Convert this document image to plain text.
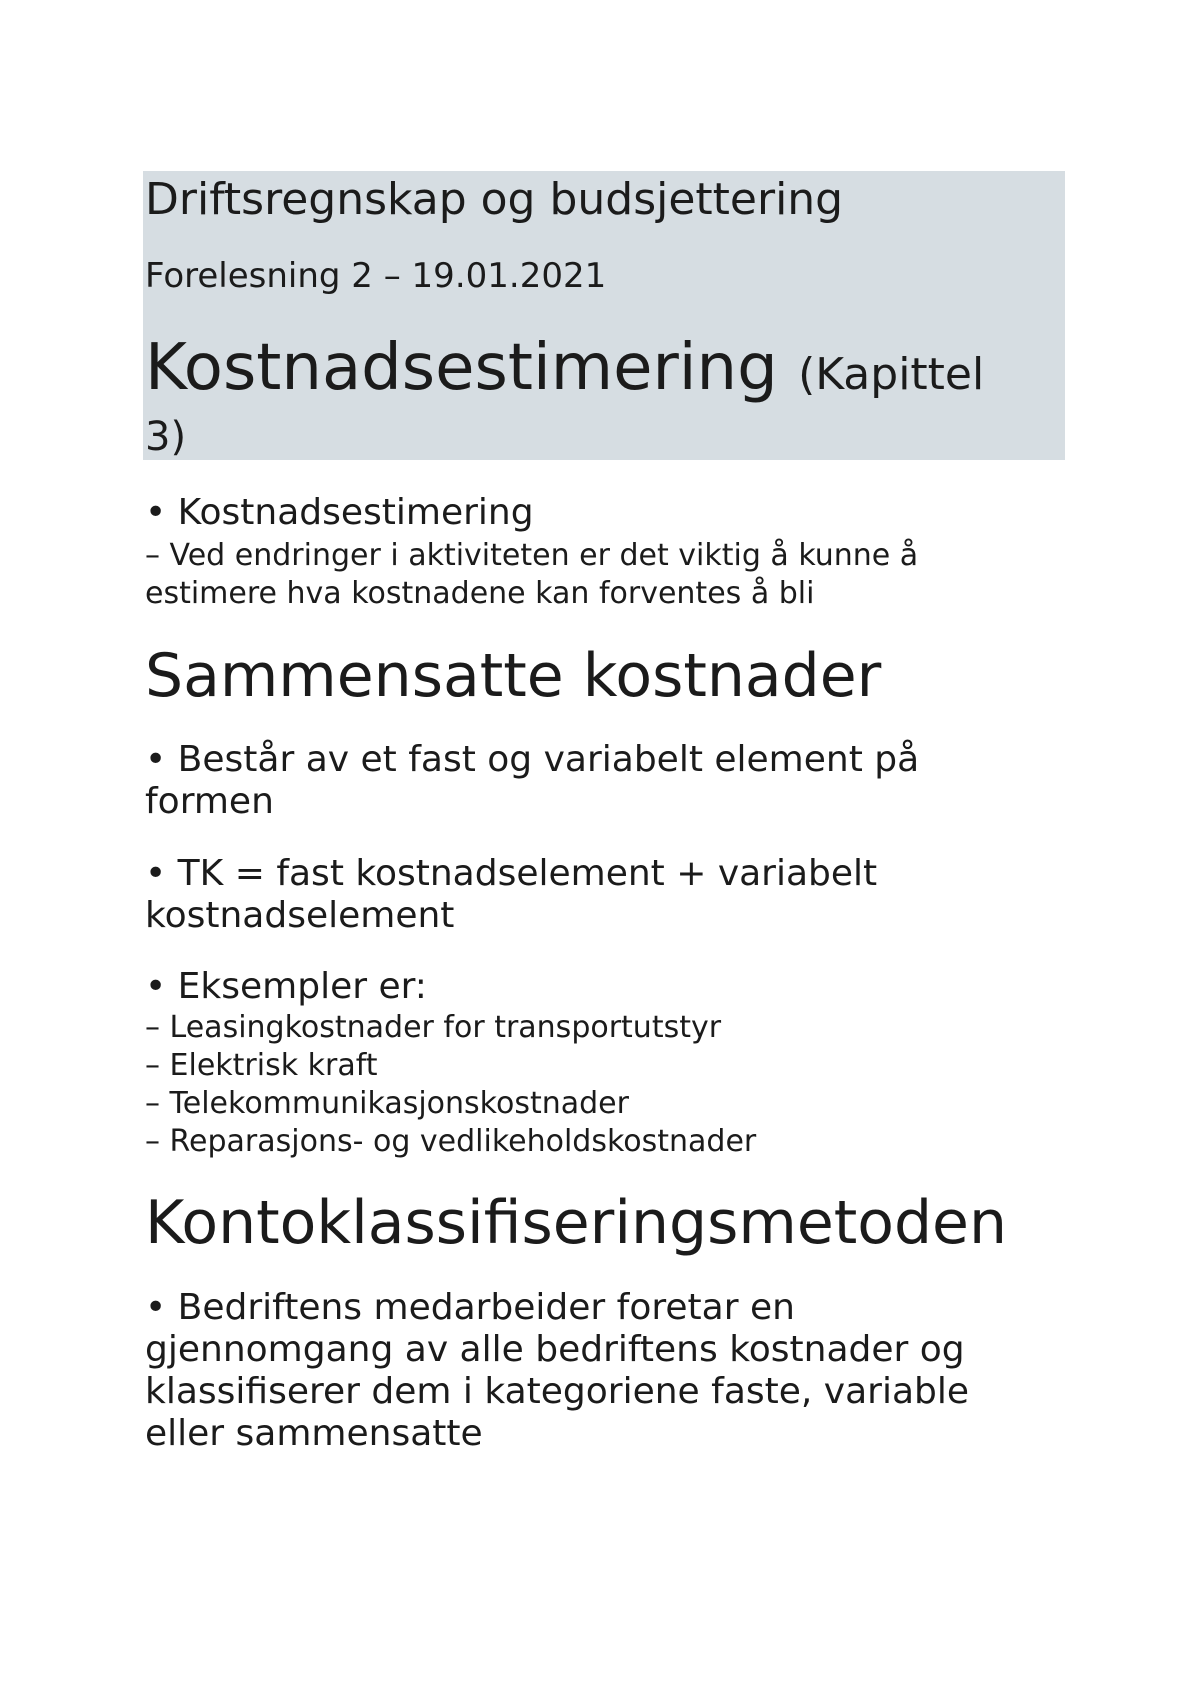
Driftsregnskap og budsjettering
Forelesning 2 – 19.01.2021
Kostnadsestimering (Kapittel
3)
• Kostnadsestimering
– Ved endringer i aktiviteten er det viktig å kunne å estimere hva kostnadene kan forventes å bli
Sammensatte kostnader
• Består av et fast og variabelt element på formen
• TK = fast kostnadselement + variabelt kostnadselement
• Eksempler er:
– Leasingkostnader for transportutstyr
– Elektrisk kraft
– Telekommunikasjonskostnader
– Reparasjons- og vedlikeholdskostnader
Kontoklassifiseringsmetoden
• Bedriftens medarbeider foretar en gjennomgang av alle bedriftens kostnader og klassifiserer dem i kategoriene faste, variable eller sammensatte
